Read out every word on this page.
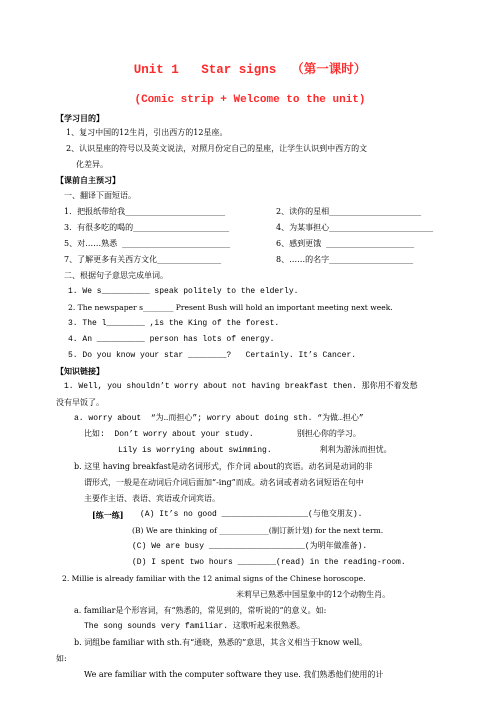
Unit 1   Star signs  （第一课时）
(Comic strip + Welcome to the unit)
【学习目的】
1、复习中国的12生肖，引出西方的12星座。
2、认识星座的符号以及英文说法，对照月份定自己的星座，让学生认识到中西方的文
化差异。
【课前自主预习】
一、翻译下面短语。
1．把报纸带给我_________________________	2、读你的星相_______________________
3．有很多吃的喝的________________________	4、为某事担心__________________________
5、对……熟悉  ___________________________	6、感到更饿  ______________________
7、了解更多有关西方文化________________	8、……的名字_____________________
二、根据句子意思完成单词。
1. We s__________ speak politely to the elderly.
2. The newspaper s________ Present Bush will hold an important meeting next week.
3. The l________ ,is the King of the forest.
4. An __________ person has lots of energy.
5. Do you know your star ________?   Certainly. It’s Cancer.
【知识链接】
1. Well, you shouldn’t worry about not having breakfast then. 那你用不着发愁
没有早饭了。
a. worry about  “为…而担心”; worry about doing sth. “为做…担心”
比如:  Don’t worry about your study.         别担心你的学习。
Lily is worrying about swimming.          利利为游泳而担忧。
b. 这里 having breakfast是动名词形式，作介词 about的宾语。动名词是动词的非
谓形式，一般是在动词后介词后面加“-ing”而成。动名词或者动名词短语在句中
主要作主语、表语、宾语或介词宾语。
[练一练] (A) It’s no good __________________(与他交朋友).
(B) We are thinking of _____________(制订新计划) for the next term.
(C) We are busy ____________________(为明年做准备).
(D) I spent two hours ________(read) in the reading-room.
2. Millie is already familiar with the 12 animal signs of the Chinese horoscope.
米莉早已熟悉中国星象中的12个动物生肖。
a. familiar是个形容词，有“熟悉的，常见到的，常听说的”的意义。如:
The song sounds very familiar. 这歌听起来很熟悉。
b. 词组be familiar with sth.有“通晓，熟悉的”意思，其含义相当于know well。
如:
We are familiar with the computer software they use. 我们熟悉他们使用的计
